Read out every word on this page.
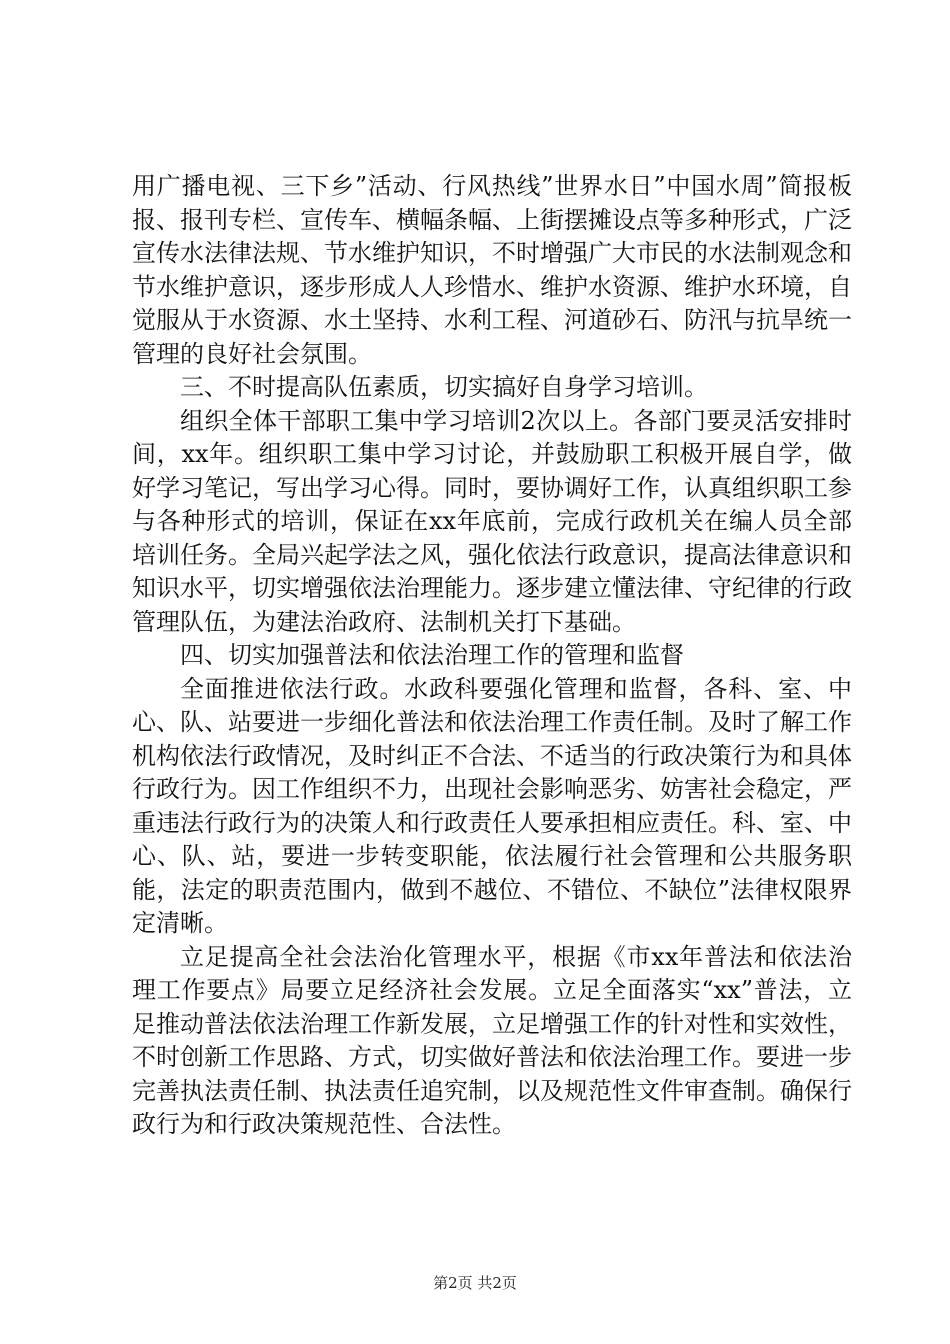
用广播电视、三下乡”活动、行风热线”世界水日”中国水周”简报板报、报刊专栏、宣传车、横幅条幅、上街摆摊设点等多种形式，广泛宣传水法律法规、节水维护知识，不时增强广大市民的水法制观念和节水维护意识，逐步形成人人珍惜水、维护水资源、维护水环境，自觉服从于水资源、水土坚持、水利工程、河道砂石、防汛与抗旱统一管理的良好社会氛围。

三、不时提高队伍素质，切实搞好自身学习培训。

组织全体干部职工集中学习培训2次以上。各部门要灵活安排时间，xx年。组织职工集中学习讨论，并鼓励职工积极开展自学，做好学习笔记，写出学习心得。同时，要协调好工作，认真组织职工参与各种形式的培训，保证在xx年底前，完成行政机关在编人员全部培训任务。全局兴起学法之风，强化依法行政意识，提高法律意识和知识水平，切实增强依法治理能力。逐步建立懂法律、守纪律的行政管理队伍，为建法治政府、法制机关打下基础。

四、切实加强普法和依法治理工作的管理和监督

全面推进依法行政。水政科要强化管理和监督，各科、室、中心、队、站要进一步细化普法和依法治理工作责任制。及时了解工作机构依法行政情况，及时纠正不合法、不适当的行政决策行为和具体行政行为。因工作组织不力，出现社会影响恶劣、妨害社会稳定，严重违法行政行为的决策人和行政责任人要承担相应责任。科、室、中心、队、站，要进一步转变职能，依法履行社会管理和公共服务职能，法定的职责范围内，做到不越位、不错位、不缺位”法律权限界定清晰。

立足提高全社会法治化管理水平，根据《市xx年普法和依法治理工作要点》局要立足经济社会发展。立足全面落实“xx”普法，立足推动普法依法治理工作新发展，立足增强工作的针对性和实效性，不时创新工作思路、方式，切实做好普法和依法治理工作。要进一步完善执法责任制、执法责任追究制，以及规范性文件审查制。确保行政行为和行政决策规范性、合法性。

第2页 共2页
